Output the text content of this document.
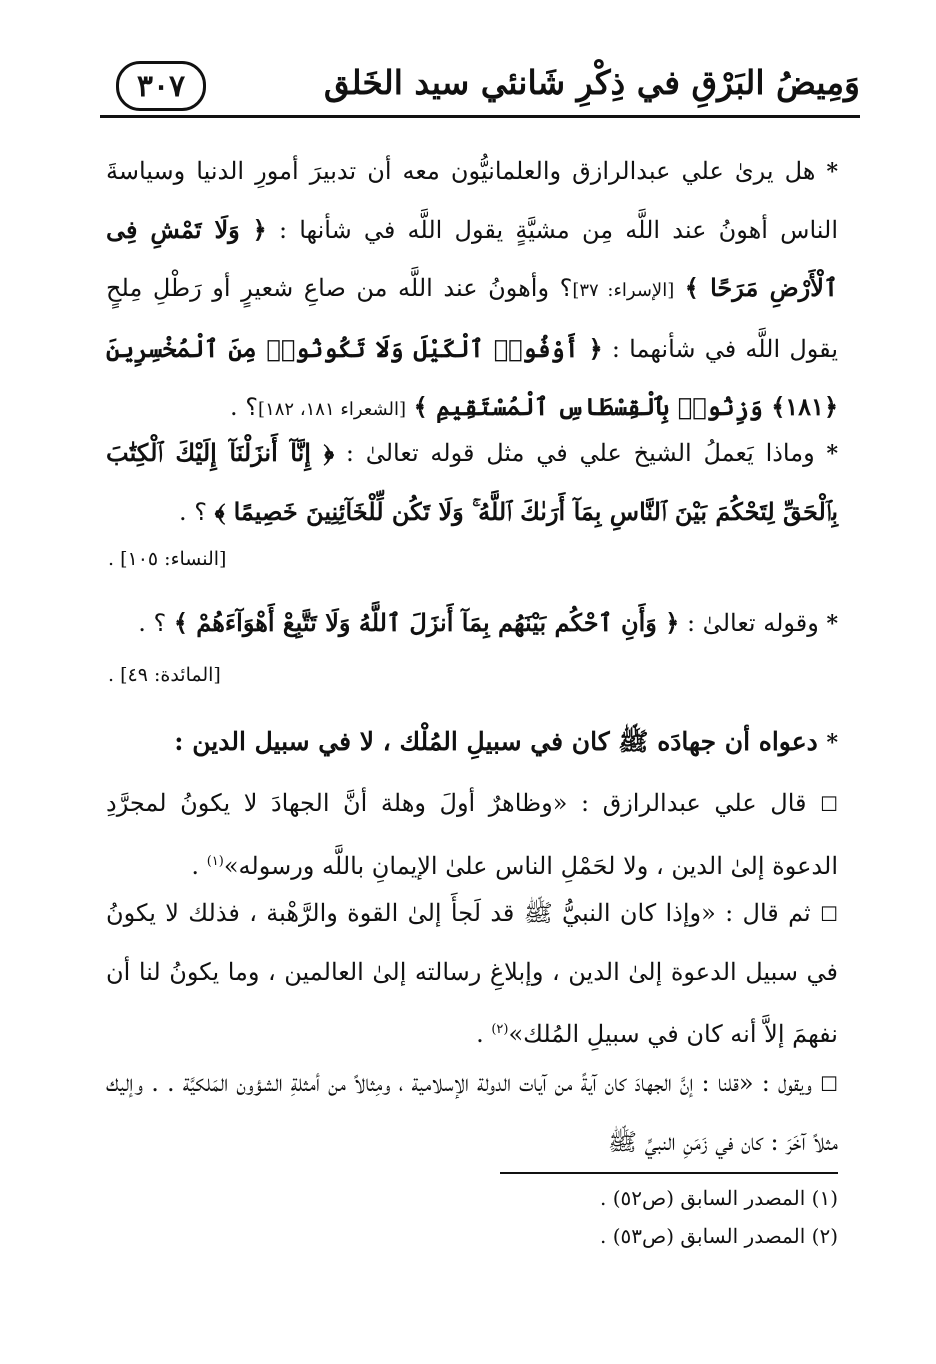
وَمِيضُ البَرْقِ في ذِكْرِ شَانئي سيد الخَلق
٣٠٧

* هل يرىٰ علي عبدالرازق والعلمانيُّون معه أن تدبيرَ أمورِ الدنيا وسياسةَ الناس أهونُ عند اللَّه مِن مشيَّةٍ يقول اللَّه في شأنها : ﴿ وَلَا تَمْشِ فِى ٱلْأَرْضِ مَرَحًا ﴾ [الإسراء: ٣٧]؟ وأهونُ عند اللَّه من صاعِ شعيرٍ أو رَطْلِ مِلحٍ يقول اللَّه في شأنهما : ﴿ أَوْفُوا۟ ٱلْكَيْلَ وَلَا تَكُونُوا۟ مِنَ ٱلْمُخْسِرِينَ ﴿١٨١﴾ وَزِنُوا۟ بِٱلْقِسْطَاسِ ٱلْمُسْتَقِيمِ ﴾ [الشعراء ١٨١، ١٨٢]؟ .

* وماذا يَعملُ الشيخ علي في مثل قوله تعالىٰ : ﴿ إِنَّآ أَنزَلْنَآ إِلَيْكَ ٱلْكِتَٰبَ بِٱلْحَقِّ لِتَحْكُمَ بَيْنَ ٱلنَّاسِ بِمَآ أَرَىٰكَ ٱللَّهُ ۚ وَلَا تَكُن لِّلْخَآئِنِينَ خَصِيمًا ﴾ ؟ .

[النساء: ١٠٥] .

* وقوله تعالىٰ : ﴿ وَأَنِ ٱحْكُم بَيْنَهُم بِمَآ أَنزَلَ ٱللَّهُ وَلَا تَتَّبِعْ أَهْوَآءَهُمْ ﴾ ؟ .

[المائدة: ٤٩] .
* دعواه أن جهادَه ﷺ كان في سبيلِ المُلْك ، لا في سبيل الدين :

☐ قال علي عبدالرازق : «وظاهرٌ أولَ وهلة أنَّ الجهادَ لا يكونُ لمجرَّدِ الدعوة إلىٰ الدين ، ولا لحَمْلِ الناس علىٰ الإيمانِ باللَّه ورسوله»$^{(١)}$ .

☐ ثم قال : «وإذا كان النبيُّ ﷺ قد لَجأَ إلىٰ القوة والرَّهْبة ، فذلك لا يكونُ في سبيل الدعوة إلىٰ الدين ، وإبلاغِ رسالته إلىٰ العالمين ، وما يكونُ لنا أن نفهمَ إلاَّ أنه كان في سبيلِ المُلك»$^{(٢)}$ .

☐ ويقول : «قلنا : إنَّ الجهادَ كان آيةً من آيات الدولة الإسلامية ، ومِثالاً من أمثلةِ الشؤون المَلكيَّة . . وإليك مثلاً آخَرَ : كان في زَمَنِ النبيِّ ﷺ

(١) المصدر السابق (ص٥٢) .
(٢) المصدر السابق (ص٥٣) .
